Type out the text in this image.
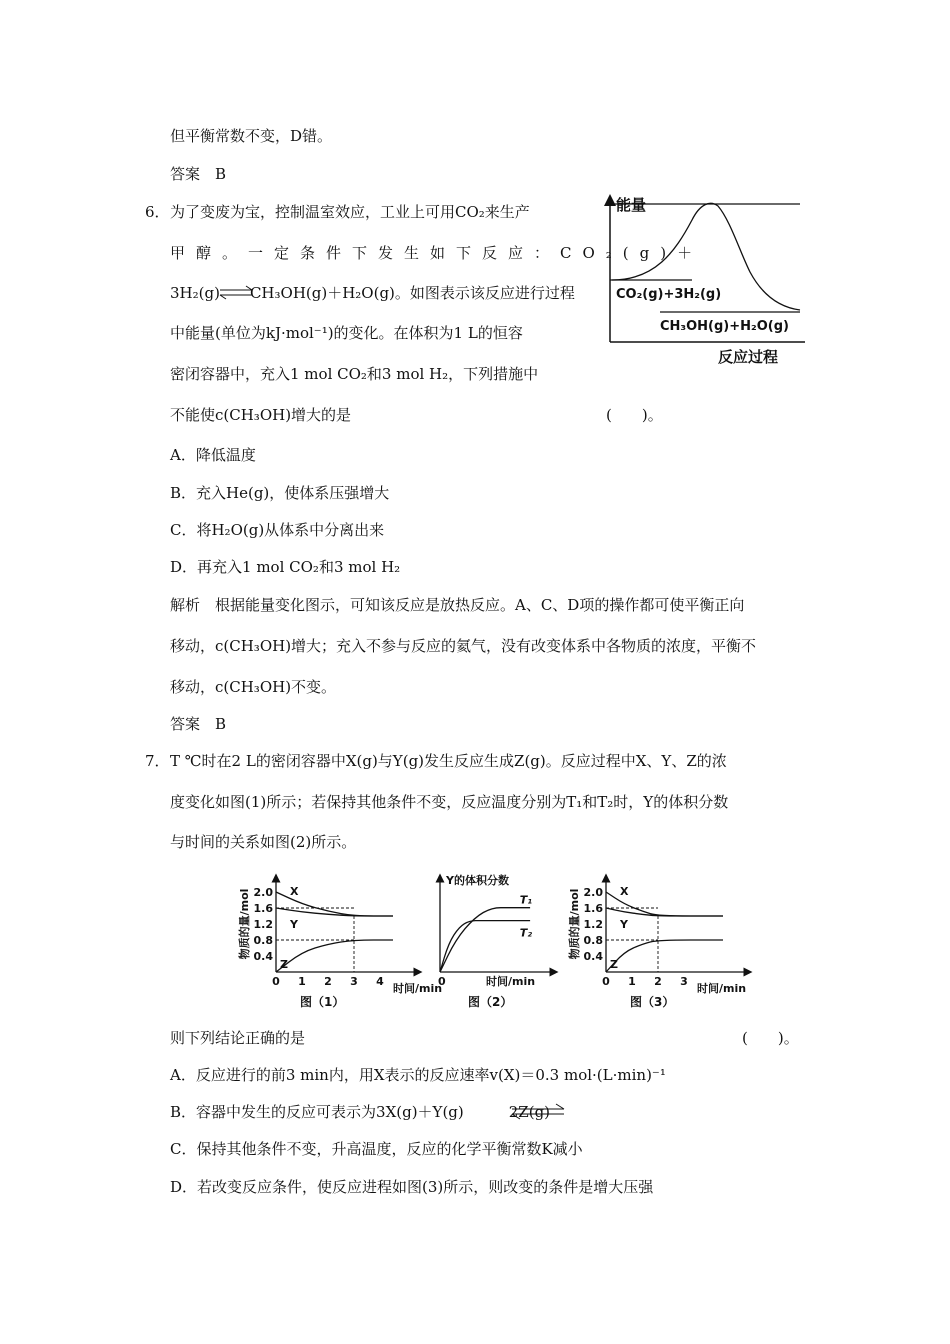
但平衡常数不变，D错。
答案　B
6． 为了变废为宝，控制温室效应，工业上可用CO₂来生产
甲醇。一定条件下发生如下反应：CO₂(g)＋
3H₂(g)　　CH₃OH(g)＋H₂O(g)。如图表示该反应进行过程
中能量(单位为kJ·mol⁻¹)的变化。在体积为1 L的恒容
密闭容器中，充入1 mol CO₂和3 mol H₂，下列措施中
不能使c(CH₃OH)增大的是	(　　)。
A．降低温度
B．充入He(g)，使体系压强增大
C．将H₂O(g)从体系中分离出来
D．再充入1 mol CO₂和3 mol H₂
解析　根据能量变化图示，可知该反应是放热反应。A、C、D项的操作都可使平衡正向
移动，c(CH₃OH)增大；充入不参与反应的氦气，没有改变体系中各物质的浓度，平衡不
移动，c(CH₃OH)不变。
答案　B
7． T ℃时在2 L的密闭容器中X(g)与Y(g)发生反应生成Z(g)。反应过程中X、Y、Z的浓
度变化如图(1)所示；若保持其他条件不变，反应温度分别为T₁和T₂时，Y的体积分数
与时间的关系如图(2)所示。
则下列结论正确的是	(　　)。
A．反应进行的前3 min内，用X表示的反应速率v(X)＝0.3 mol·(L·min)⁻¹
B．容器中发生的反应可表示为3X(g)＋Y(g)　　　2Z(g)
C．保持其他条件不变，升高温度，反应的化学平衡常数K减小
D．若改变反应条件，使反应进程如图(3)所示，则改变的条件是增大压强
能量
CO₂(g)+3H₂(g)
CH₃OH(g)+H₂O(g)
反应过程
物质的量/mol 0.4
0.8
1.2
1.6
2.0
0 1 2 3 4
时间/min
X
Y
Z
图（1）
Y的体积分数
0	时间/min
T₁
T₂
图（2）
物质的量/mol 0.4
0.8
1.2
1.6
2.0
0 1 2 3
时间/min
X
Y
Z
图（3）
